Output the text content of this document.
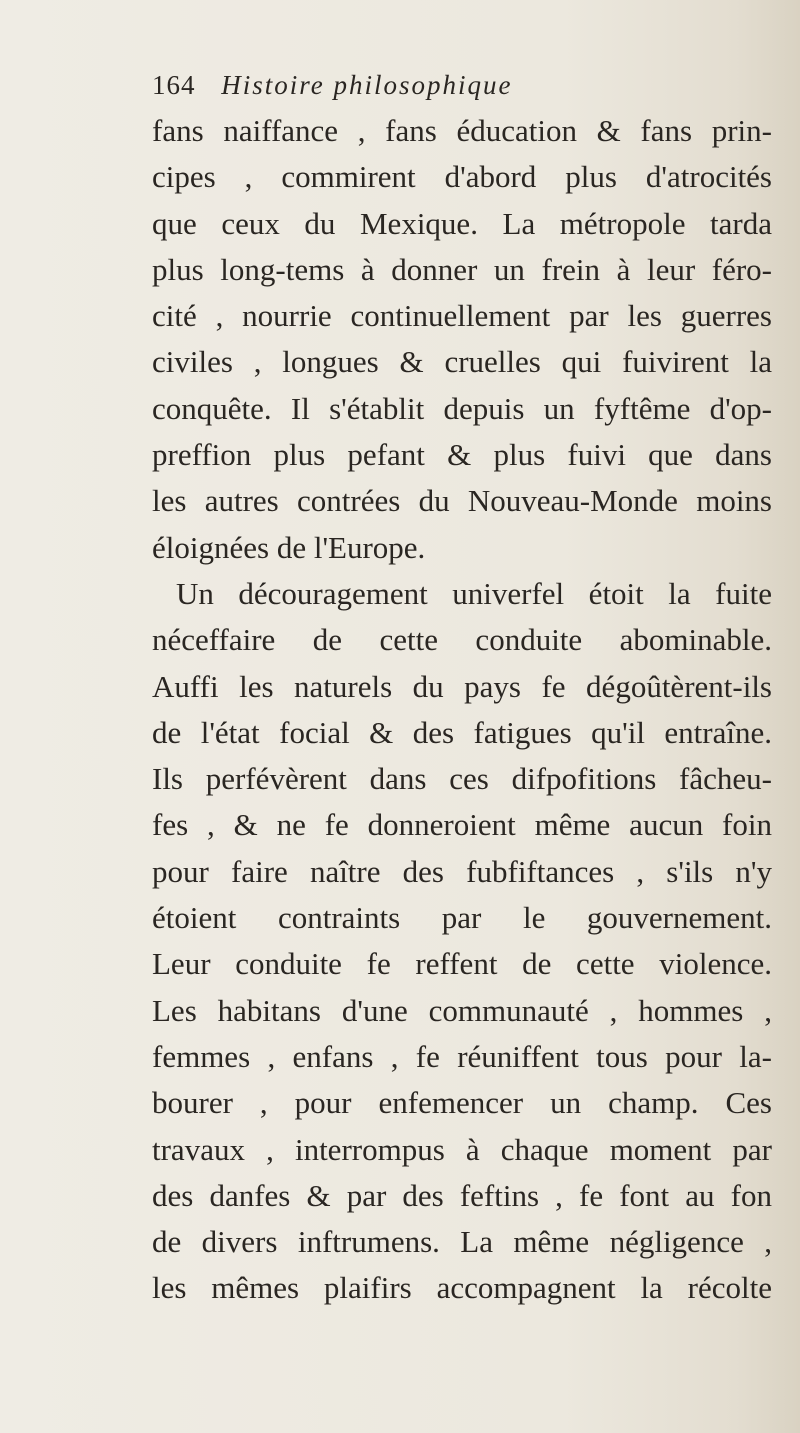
164 Histoire philosophique
fans naiffance , fans éducation & fans prin-
cipes , commirent d'abord plus d'atrocités
que ceux du Mexique. La métropole tarda
plus long-tems à donner un frein à leur féro-
cité , nourrie continuellement par les guerres
civiles , longues & cruelles qui fuivirent la
conquête. Il s'établit depuis un fyftême d'op-
preffion plus pefant & plus fuivi que dans
les autres contrées du Nouveau-Monde moins
éloignées de l'Europe.
Un découragement univerfel étoit la fuite
néceffaire de cette conduite abominable.
Auffi les naturels du pays fe dégoûtèrent-ils
de l'état focial & des fatigues qu'il entraîne.
Ils perfévèrent dans ces difpofitions fâcheu-
fes , & ne fe donneroient même aucun foin
pour faire naître des fubfiftances , s'ils n'y
étoient contraints par le gouvernement.
Leur conduite fe reffent de cette violence.
Les habitans d'une communauté , hommes ,
femmes , enfans , fe réuniffent tous pour la-
bourer , pour enfemencer un champ. Ces
travaux , interrompus à chaque moment par
des danfes & par des feftins , fe font au fon
de divers inftrumens. La même négligence ,
les mêmes plaifirs accompagnent la récolte
